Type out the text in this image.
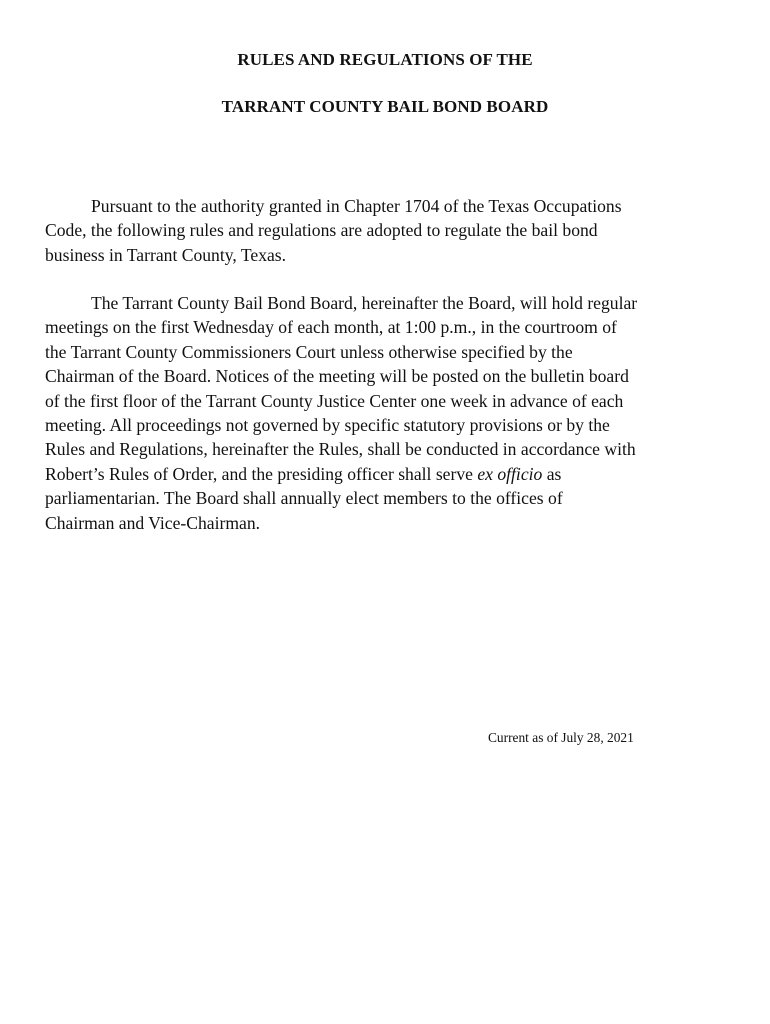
RULES AND REGULATIONS OF THE
TARRANT COUNTY BAIL BOND BOARD

Pursuant to the authority granted in Chapter 1704 of the Texas Occupations
Code, the following rules and regulations are adopted to regulate the bail bond
business in Tarrant County, Texas.

The Tarrant County Bail Bond Board, hereinafter the Board, will hold regular
meetings on the first Wednesday of each month, at 1:00 p.m., in the courtroom of
the Tarrant County Commissioners Court unless otherwise specified by the
Chairman of the Board. Notices of the meeting will be posted on the bulletin board
of the first floor of the Tarrant County Justice Center one week in advance of each
meeting. All proceedings not governed by specific statutory provisions or by the
Rules and Regulations, hereinafter the Rules, shall be conducted in accordance with
Robert’s Rules of Order, and the presiding officer shall serve ex officio as
parliamentarian. The Board shall annually elect members to the offices of
Chairman and Vice-Chairman.

Current as of July 28, 2021
